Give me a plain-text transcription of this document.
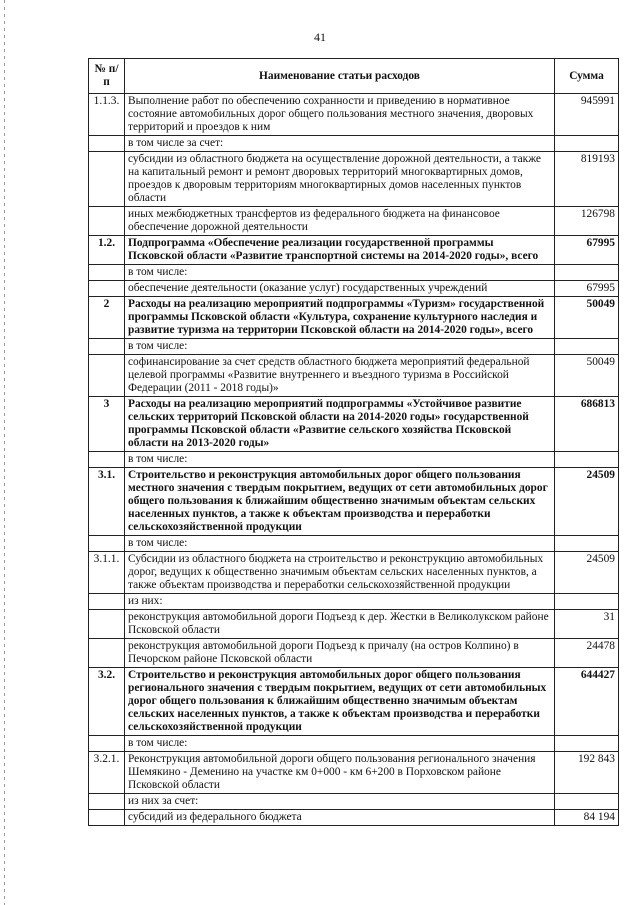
41
№ п/п	Наименование статьи расходов	Сумма
1.1.3.	Выполнение работ по обеспечению сохранности и приведению в нормативное состояние автомобильных дорог общего пользования местного значения, дворовых территорий и проездов к ним	945991
	в том числе за счет:	
	субсидии из областного бюджета на осуществление дорожной деятельности, а также на капитальный ремонт и ремонт дворовых территорий многоквартирных домов, проездов к дворовым территориям многоквартирных домов населенных пунктов области	819193
	иных межбюджетных трансфертов из федерального бюджета на финансовое обеспечение дорожной деятельности	126798
1.2.	Подпрограмма «Обеспечение реализации государственной программы Псковской области «Развитие транспортной системы на 2014-2020 годы», всего	67995
	в том числе:	
	обеспечение деятельности (оказание услуг) государственных учреждений	67995
2	Расходы на реализацию мероприятий подпрограммы «Туризм» государственной программы Псковской области «Культура, сохранение культурного наследия и развитие туризма на территории Псковской области на 2014-2020 годы», всего	50049
	в том числе:	
	софинансирование за счет средств областного бюджета мероприятий федеральной целевой программы «Развитие внутреннего и въездного туризма в Российской Федерации (2011 - 2018 годы)»	50049
3	Расходы на реализацию мероприятий подпрограммы «Устойчивое развитие сельских территорий Псковской области на 2014-2020 годы» государственной программы Псковской области «Развитие сельского хозяйства Псковской области на 2013-2020 годы»	686813
	в том числе:	
3.1.	Строительство и реконструкция автомобильных дорог общего пользования местного значения с твердым покрытием, ведущих от сети автомобильных дорог общего пользования к ближайшим общественно значимым объектам сельских населенных пунктов, а также к объектам производства и переработки сельскохозяйственной продукции	24509
	в том числе:	
3.1.1.	Субсидии из областного бюджета на строительство и реконструкцию автомобильных дорог, ведущих к общественно значимым объектам сельских населенных пунктов, а также объектам производства и переработки сельскохозяйственной продукции	24509
	из них:	
	реконструкция автомобильной дороги Подъезд к дер. Жестки в Великолукском районе Псковской области	31
	реконструкция автомобильной дороги Подъезд к причалу (на остров Колпино) в Печорском районе Псковской области	24478
3.2.	Строительство и реконструкция автомобильных дорог общего пользования регионального значения с твердым покрытием, ведущих от сети автомобильных дорог общего пользования к ближайшим общественно значимым объектам сельских населенных пунктов, а также к объектам производства и переработки сельскохозяйственной продукции	644427
	в том числе:	
3.2.1.	Реконструкция автомобильной дороги общего пользования регионального значения Шемякино - Деменино на участке км 0+000 - км 6+200 в Порховском районе Псковской области	192 843
	из них за счет:	
	субсидий из федерального бюджета	84 194
